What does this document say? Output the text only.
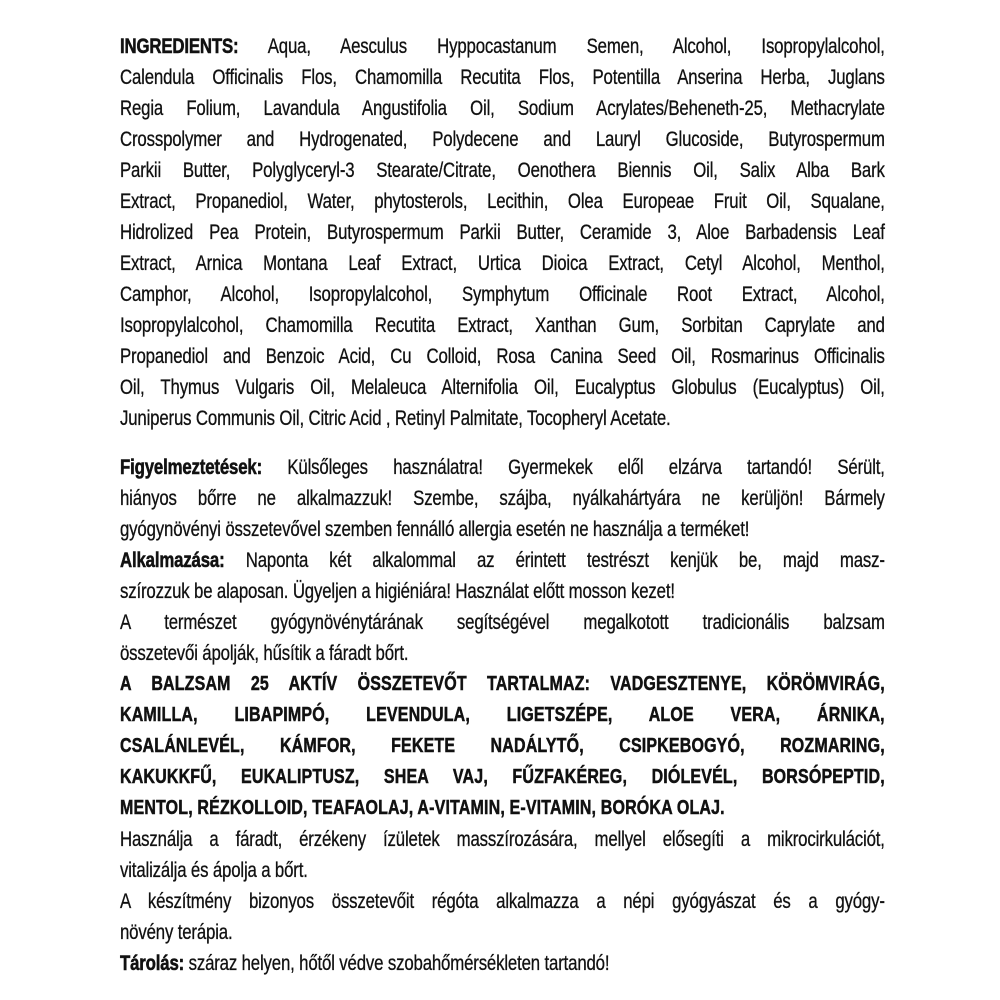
INGREDIENTS: Aqua, Aesculus Hyppocastanum Semen, Alcohol, Isopropylalcohol,
Calendula Officinalis Flos, Chamomilla Recutita Flos, Potentilla Anserina Herba, Juglans
Regia Folium, Lavandula Angustifolia Oil, Sodium Acrylates/Beheneth-25, Methacrylate
Crosspolymer and Hydrogenated, Polydecene and Lauryl Glucoside, Butyrospermum
Parkii Butter, Polyglyceryl-3 Stearate/Citrate, Oenothera Biennis Oil, Salix Alba Bark
Extract, Propanediol, Water, phytosterols, Lecithin, Olea Europeae Fruit Oil, Squalane,
Hidrolized Pea Protein, Butyrospermum Parkii Butter, Ceramide 3, Aloe Barbadensis Leaf
Extract, Arnica Montana Leaf Extract, Urtica Dioica Extract, Cetyl Alcohol, Menthol,
Camphor, Alcohol, Isopropylalcohol, Symphytum Officinale Root Extract, Alcohol,
Isopropylalcohol, Chamomilla Recutita Extract, Xanthan Gum, Sorbitan Caprylate and
Propanediol and Benzoic Acid, Cu Colloid, Rosa Canina Seed Oil, Rosmarinus Officinalis
Oil, Thymus Vulgaris Oil, Melaleuca Alternifolia Oil, Eucalyptus Globulus (Eucalyptus) Oil,
Juniperus Communis Oil, Citric Acid , Retinyl Palmitate, Tocopheryl Acetate.
Figyelmeztetések: Külsőleges használatra! Gyermekek elől elzárva tartandó! Sérült,
hiányos bőrre ne alkalmazzuk! Szembe, szájba, nyálkahártyára ne kerüljön! Bármely
gyógynövényi összetevővel szemben fennálló allergia esetén ne használja a terméket!
Alkalmazása: Naponta két alkalommal az érintett testrészt kenjük be, majd masz-
szírozzuk be alaposan. Ügyeljen a higiéniára! Használat előtt mosson kezet!
A természet gyógynövénytárának segítségével megalkotott tradicionális balzsam
összetevői ápolják, hűsítik a fáradt bőrt.
A BALZSAM 25 AKTÍV ÖSSZETEVŐT TARTALMAZ: VADGESZTENYE, KÖRÖMVIRÁG,
KAMILLA, LIBAPIMPÓ, LEVENDULA, LIGETSZÉPE, ALOE VERA, ÁRNIKA,
CSALÁNLEVÉL, KÁMFOR, FEKETE NADÁLYTŐ, CSIPKEBOGYÓ, ROZMARING,
KAKUKKFŰ, EUKALIPTUSZ, SHEA VAJ, FŰZFAKÉREG, DIÓLEVÉL, BORSÓPEPTID,
MENTOL, RÉZKOLLOID, TEAFAOLAJ, A-VITAMIN, E-VITAMIN, BORÓKA OLAJ.
Használja a fáradt, érzékeny ízületek masszírozására, mellyel elősegíti a mikrocirkulációt,
vitalizálja és ápolja a bőrt.
A készítmény bizonyos összetevőit régóta alkalmazza a népi gyógyászat és a gyógy-
növény terápia.
Tárolás: száraz helyen, hőtől védve szobahőmérsékleten tartandó!
